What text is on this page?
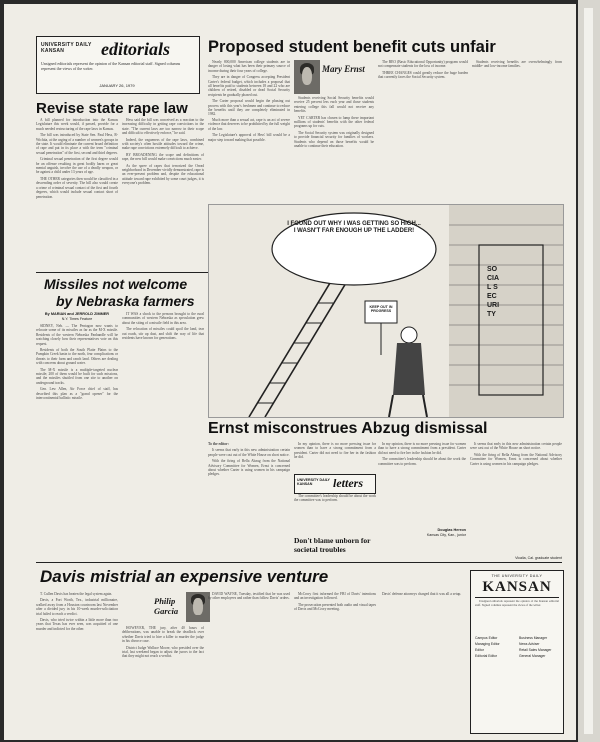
UNIVERSITY DAILY KANSAN	editorials
Unsigned editorials represent the opinion of the Kansan editorial staff. Signed columns represent the views of the writer.
JANUARY 26, 1979
Revise state rape law

A bill planned for introduction into the Kansas Legislature this week would, if passed, provide for a much needed restructuring of the rape laws in Kansas.

The bill was introduced by State Sen. Paul Hess, R-Wichita, at the urging of a number of women's groups in the state. It would eliminate the current broad definition of rape and put in its place a with the term "criminal sexual penetration" of the first, second and third degrees.

Criminal sexual penetration of the first degree would be an offense resulting in great bodily harm or great mental anguish, involve the use of a deadly weapon, or be against a child under 13 years of age.

THE OTHER categories then would be classified in a descending order of severity. The bill also would create a crime of criminal sexual contact of the first and fourth degrees, which would include sexual contact short of penetration.

Hess said the bill was conceived as a reaction to the increasing difficulty in getting rape convictions in the state. "The current laws are too narrow in their scope and difficult to effectively enforce," he said.

Indeed, the vagueness of the rape laws, combined with society's often hostile attitudes toward the crime, make rape convictions extremely difficult to achieve.

BY BROADENING the scope and definitions of rape, the new bill would make convictions much easier.

As the spree of rapes that terrorized the Oread neighborhood in December vividly demonstrated, rape is an ever-present problem and, despite the educational attitude toward rape exhibited by some court judges, it is everyone's problem.

Much more than a sexual act, rape is an act of severe violence that deserves to be prohibited by the full weight of the law.

The Legislature's approval of Hess' bill would be a major step toward making that possible.

Missiles not welcome
by Nebraska farmers
By MARIAN and JERROLD ZIMMER
N.Y. Times Feature

SIDNEY, Neb. — The Pentagon now wants to relocate some of its missiles as far as the M-X missile. Residents of the western Nebraska Panhandle will be watching closely how their representatives vote on this request.

Residents of both the South Platte Plains to the Pumpkin Creek basin to the north, fear complications or threats to their farm and ranch land. Others are dealing with concerns about ground water.

The M-X missile is a multiple-targeted nuclear missile; 200 of them would be built for such missions, and the missiles shuttled from one site to another on underground tracks.

Gen. Lew Allen, Air Force chief of staff, has described this plan as a "grand opener" for the intercontinental ballistic missile.

IT WAS a shock to the persons brought to the rural communities of western Nebraska as speculation grew about the siting of a missile field in this area.

The relocation of missiles could spoil the land, tear out roads, stir up dust, and shift the way of life that residents have known for generations.

Proposed student benefit cuts unfair

Nearly 800,000 American college students are in danger of losing what has been their primary source of income during their four years of college.

They are in danger of Congress accepting President Carter's federal budget, which includes a proposal that all benefits paid to students between 18 and 22 who are children of retired, disabled or dead Social Security recipients be gradually phased out.

The Carter proposal would begin the phasing out process with this year's freshmen and continue to reduce the benefits until they are completely eliminated in 1982.

Mary Ernst

Students receiving Social Security benefits would receive 25 percent less each year and those students entering college this fall would not receive any benefits.

YET CARTER has chosen to lump these important millions of students' benefits with the other federal programs up for cuts.

The Social Security system was originally designed to provide financial security for families of workers. Students who depend on those benefits would be unable to continue their education.

The BEO (Basic Educational Opportunity) program would not compensate students for the loss of income.

THREE CHANGES could greatly reduce the huge burden that currently faces the Social Security system.

Students receiving benefits are overwhelmingly from middle- and low-income families.

I FOUND OUT WHY I WAS GETTING SO HIGH... I WASN'T FAR ENOUGH UP THE LADDER!
KEEP OUT IN PROGRESS
SOCIAL SECURITY
Ernst misconstrues Abzug dismissal

To the editor:

It seems that early in this new administration certain people were cast out of the White House on short notice.

With the firing of Bella Abzug from the National Advisory Committee for Women, Ernst is concerned about whether Carter is using women in his campaign pledges.

In my opinion, there is no more pressing issue for women than to have a strong commitment from a president. Carter did not need to fire her in the fashion he did.

UNIVERSITY DAILY KANSAN	letters

The committee's leadership should be about the work the committee was to perform.

Don't blame unborn for societal troubles

In my opinion, there is no more pressing issue for women than to have a strong commitment from a president. Carter did not need to fire her in the fashion he did.

The committee's leadership should be about the work the committee was to perform.

Douglas Herron
Kansas City, Kan., junior

It seems that early in this new administration certain people were cast out of the White House on short notice.

With the firing of Bella Abzug from the National Advisory Committee for Women, Ernst is concerned about whether Carter is using women in his campaign pledges.

Vicalia, Cal. graduate student
Davis mistrial an expensive venture

T. Cullen Davis has beaten the legal system again.

Davis, a Fort Worth, Tex., industrial millionaire, walked away from a Houston courtroom last November after a divided jury in his 10-week murder-solicitation trial failed to reach a verdict.

Davis, who tried twice within a little more than two years that Texas has ever seen, was acquitted of one murder and indicted for the other.

Philip Garcia

HOWEVER, THE jury, after 40 hours of deliberations, was unable to break the deadlock over whether Davis tried to hire a killer to murder the judge in his divorce case.

District Judge Wallace Moore, who presided over the trial, last weekend began to adjust the jurors to the fact that they might not reach a verdict.

DAVID WAYNE, Tuesday, testified that he was used by other employees and rather than follow Davis' orders.

McCrory first informed the FBI of Davis' intentions and an investigation followed.

The prosecution presented both audio and visual tapes of Davis and McCrory meeting.

Davis' defense attorneys charged that it was all a setup.

THE UNIVERSITY DAILY
KANSAN

Unsigned editorials represent the opinion of the Kansan editorial staff. Signed columns represent the views of the writer.

Campus Editor
Managing Editor
Editor
Editorial Editor
Business Manager
News Adviser
Retail Sales Manager
General Manager
